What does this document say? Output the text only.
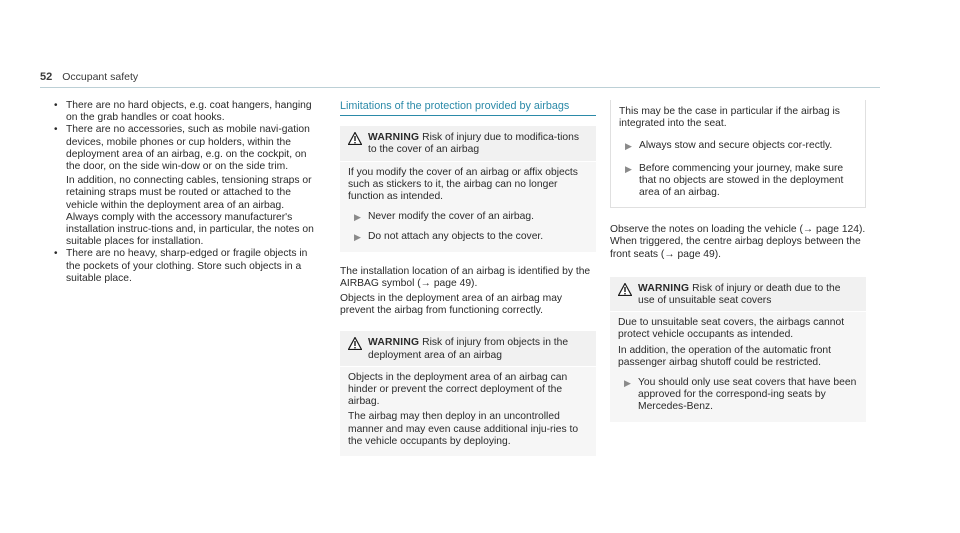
52 Occupant safety
• There are no hard objects, e.g. coat hangers, hanging on the grab handles or coat hooks.

• There are no accessories, such as mobile navi-gation devices, mobile phones or cup holders, within the deployment area of an airbag, e.g. on the cockpit, on the door, on the side win-dow or on the side trim.

In addition, no connecting cables, tensioning straps or retaining straps must be routed or attached to the vehicle within the deployment area of an airbag. Always comply with the accessory manufacturer's installation instruc-tions and, in particular, the notes on suitable places for installation.

• There are no heavy, sharp-edged or fragile objects in the pockets of your clothing. Store such objects in a suitable place.

Limitations of the protection provided by airbags
WARNING Risk of injury due to modifica-tions to the cover of an airbag

If you modify the cover of an airbag or affix objects such as stickers to it, the airbag can no longer function as intended.

▶ Never modify the cover of an airbag.
▶ Do not attach any objects to the cover.

The installation location of an airbag is identified by the AIRBAG symbol (→ page 49).

Objects in the deployment area of an airbag may prevent the airbag from functioning correctly.

WARNING Risk of injury from objects in the deployment area of an airbag

Objects in the deployment area of an airbag can hinder or prevent the correct deployment of the airbag.

The airbag may then deploy in an uncontrolled manner and may even cause additional inju-ries to the vehicle occupants by deploying.

This may be the case in particular if the airbag is integrated into the seat.

▶ Always stow and secure objects cor-rectly.
▶ Before commencing your journey, make sure that no objects are stowed in the deployment area of an airbag.

Observe the notes on loading the vehicle (→ page 124). When triggered, the centre airbag deploys between the front seats (→ page 49).

WARNING Risk of injury or death due to the use of unsuitable seat covers

Due to unsuitable seat covers, the airbags cannot protect vehicle occupants as intended.

In addition, the operation of the automatic front passenger airbag shutoff could be restricted.

▶ You should only use seat covers that have been approved for the correspond-ing seats by Mercedes-Benz.
